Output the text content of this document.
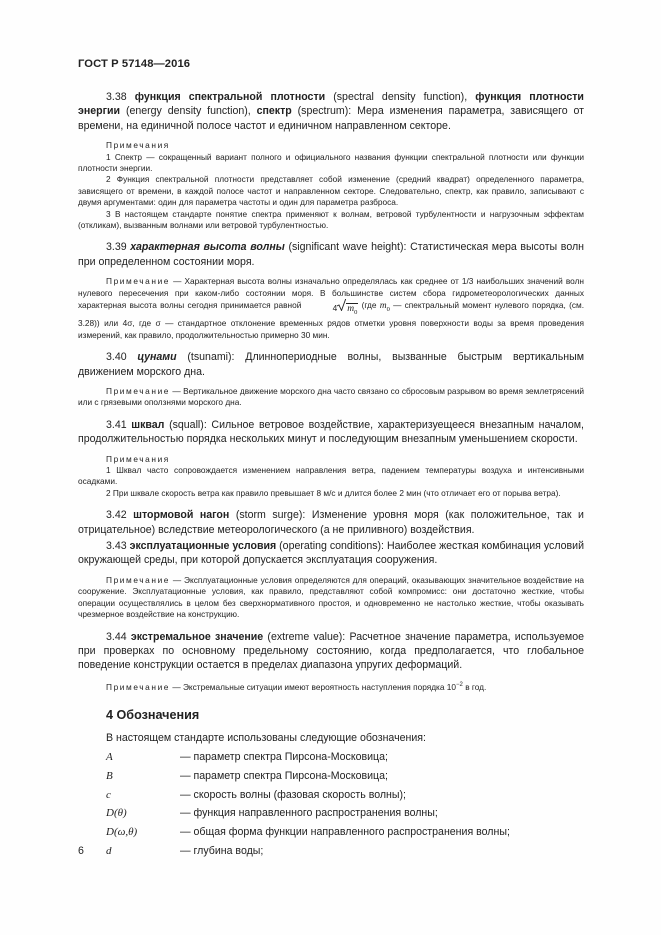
ГОСТ Р 57148—2016

3.38 функция спектральной плотности (spectral density function), функция плотности энергии (energy density function), спектр (spectrum): Мера изменения параметра, зависящего от времени, на единичной полосе частот и единичном направленном секторе.

Примечания

1 Спектр — сокращенный вариант полного и официального названия функции спектральной плотности или функции плотности энергии.

2 Функция спектральной плотности представляет собой изменение (средний квадрат) определенного параметра, зависящего от времени, в каждой полосе частот и направленном секторе. Следовательно, спектр, как правило, записывают с двумя аргументами: один для параметра частоты и один для параметра разброса.

3 В настоящем стандарте понятие спектра применяют к волнам, ветровой турбулентности и нагрузочным эффектам (откликам), вызванным волнами или ветровой турбулентностью.

3.39 характерная высота волны (significant wave height): Статистическая мера высоты волн при определенном состоянии моря.

Примечание — Характерная высота волны изначально определялась как среднее от 1/3 наибольших значений волн нулевого пересечения при каком-либо состоянии моря. В большинстве систем сбора гидрометеорологических данных характерная высота волны сегодня принимается равной	4 $m_0$ (где $m_0$ — спектральный момент нулевого порядка, (см. 3.28)) или 4σ, где σ — стандартное отклонение временных рядов отметки уровня поверхности воды за время проведения измерений, как правило, продолжительностью примерно 30 мин.

3.40 цунами (tsunami): Длиннопериодные волны, вызванные быстрым вертикальным движением морского дна.

Примечание — Вертикальное движение морского дна часто связано со сбросовым разрывом во время землетрясений или с грязевыми оползнями морского дна.

3.41 шквал (squall): Сильное ветровое воздействие, характеризуещееся внезапным началом, продолжительностью порядка нескольких минут и последующим внезапным уменьшением скорости.

Примечания

1 Шквал часто сопровождается изменением направления ветра, падением температуры воздуха и интенсивными осадками.

2 При шквале скорость ветра как правило превышает 8 м/с и длится более 2 мин (что отличает его от порыва ветра).

3.42 штормовой нагон (storm surge): Изменение уровня моря (как положительное, так и отрицательное) вследствие метеорологического (а не приливного) воздействия.

3.43 эксплуатационные условия (operating conditions): Наиболее жесткая комбинация условий окружающей среды, при которой допускается эксплуатация сооружения.

Примечание — Эксплуатационные условия определяются для операций, оказывающих значительное воздействие на сооружение. Эксплуатационные условия, как правило, представляют собой компромисс: они достаточно жесткие, чтобы операции осуществлялись в целом без сверхнормативного простоя, и одновременно не настолько жесткие, чтобы оказывать чрезмерное воздействие на конструкцию.

3.44 экстремальное значение (extreme value): Расчетное значение параметра, используемое при проверках по основному предельному состоянию, когда предполагается, что глобальное поведение конструкции остается в пределах диапазона упругих деформаций.

Примечание — Экстремальные ситуации имеют вероятность наступления порядка $10^{-2}$ в год.

4 Обозначения

В настоящем стандарте использованы следующие обозначения:

A	— параметр спектра Пирсона-Московица;
B	— параметр спектра Пирсона-Московица;
c	— скорость волны (фазовая скорость волны);
D(θ)	— функция направленного распространения волны;
D(ω,θ)	— общая форма функции направленного распространения волны;
d	— глубина воды;
6
